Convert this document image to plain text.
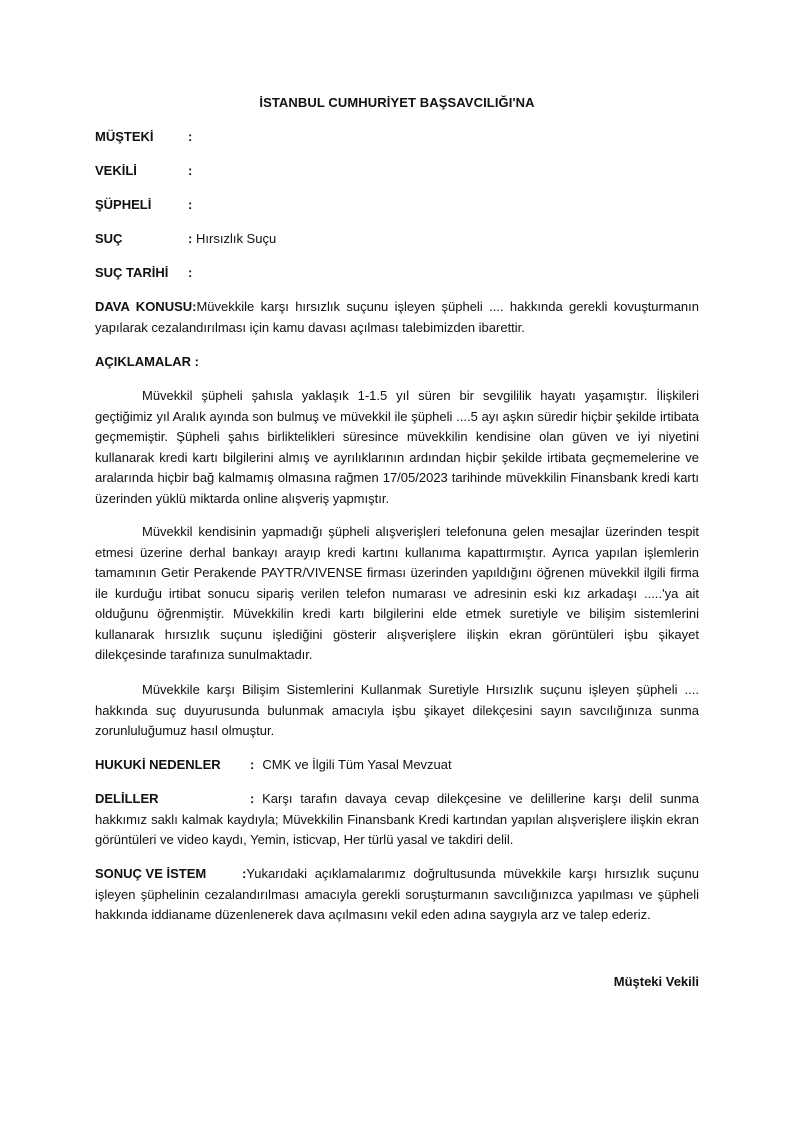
İSTANBUL CUMHURİYET BAŞSAVCILIĞI'NA
MÜŞTEKİ	:
VEKİLİ	:
ŞÜPHELİ	:
SUÇ	: Hırsızlık Suçu
SUÇ TARİHİ :
DAVA KONUSU:Müvekkile karşı hırsızlık suçunu işleyen şüpheli .... hakkında gerekli kovuşturmanın yapılarak cezalandırılması için kamu davası açılması talebimizden ibarettir.
AÇIKLAMALAR :
Müvekkil şüpheli şahısla yaklaşık 1-1.5 yıl süren bir sevgililik hayatı yaşamıştır. İlişkileri geçtiğimiz yıl Aralık ayında son bulmuş ve müvekkil ile şüpheli ....5 ayı aşkın süredir hiçbir şekilde irtibata geçmemiştir. Şüpheli şahıs birliktelikleri süresince müvekkilin kendisine olan güven ve iyi niyetini kullanarak kredi kartı bilgilerini almış ve ayrılıklarının ardından hiçbir şekilde irtibata geçmemelerine ve aralarında hiçbir bağ kalmamış olmasına rağmen 17/05/2023 tarihinde müvekkilin Finansbank kredi kartı üzerinden yüklü miktarda online alışveriş yapmıştır.
Müvekkil kendisinin yapmadığı şüpheli alışverişleri telefonuna gelen mesajlar üzerinden tespit etmesi üzerine derhal bankayı arayıp kredi kartını kullanıma kapattırmıştır. Ayrıca yapılan işlemlerin tamamının Getir Perakende PAYTR/VIVENSE firması üzerinden yapıldığını öğrenen müvekkil ilgili firma ile kurduğu irtibat sonucu sipariş verilen telefon numarası ve adresinin eski kız arkadaşı .....'ya ait olduğunu öğrenmiştir. Müvekkilin kredi kartı bilgilerini elde etmek suretiyle ve bilişim sistemlerini kullanarak hırsızlık suçunu işlediğini gösterir alışverişlere ilişkin ekran görüntüleri işbu şikayet dilekçesinde tarafınıza sunulmaktadır.
Müvekkile karşı Bilişim Sistemlerini Kullanmak Suretiyle Hırsızlık suçunu işleyen şüpheli .... hakkında suç duyurusunda bulunmak amacıyla işbu şikayet dilekçesini sayın savcılığınıza sunma zorunluluğumuz hasıl olmuştur.
HUKUKİ NEDENLER : CMK ve İlgili Tüm Yasal Mevzuat
DELİLLER	: Karşı tarafın davaya cevap dilekçesine ve delillerine karşı delil sunma hakkımız saklı kalmak kaydıyla; Müvekkilin Finansbank Kredi kartından yapılan alışverişlere ilişkin ekran görüntüleri ve video kaydı, Yemin, isticvap, Her türlü yasal ve takdiri delil.
SONUÇ VE İSTEM	:Yukarıdaki açıklamalarımız doğrultusunda müvekkile karşı hırsızlık suçunu işleyen şüphelinin cezalandırılması amacıyla gerekli soruşturmanın savcılığınızca yapılması ve şüpheli hakkında iddianame düzenlenerek dava açılmasını vekil eden adına saygıyla arz ve talep ederiz.
Müşteki Vekili
